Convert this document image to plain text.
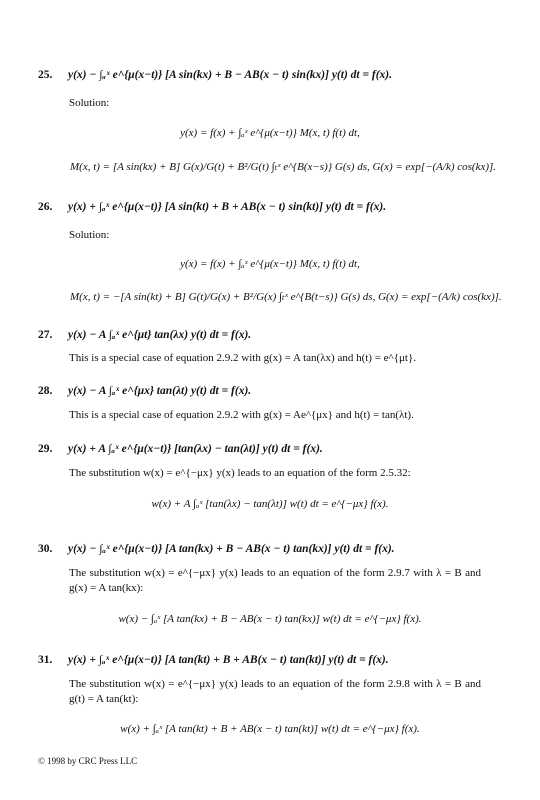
25. y(x) − ∫ₐˣ e^{μ(x−t)} [A sin(kx) + B − AB(x − t) sin(kx)] y(t) dt = f(x).
Solution:
y(x) = f(x) + ∫ₐˣ e^{μ(x−t)} M(x, t) f(t) dt,
M(x, t) = [A sin(kx) + B] G(x)/G(t) + B²/G(t) ∫ₜˣ e^{B(x−s)} G(s) ds, G(x) = exp[−(A/k) cos(kx)].
26. y(x) + ∫ₐˣ e^{μ(x−t)} [A sin(kt) + B + AB(x − t) sin(kt)] y(t) dt = f(x).
Solution:
y(x) = f(x) + ∫ₐˣ e^{μ(x−t)} M(x, t) f(t) dt,
M(x, t) = −[A sin(kt) + B] G(t)/G(x) + B²/G(x) ∫ₜˣ e^{B(t−s)} G(s) ds, G(x) = exp[−(A/k) cos(kx)].
27. y(x) − A ∫ₐˣ e^{μt} tan(λx) y(t) dt = f(x).
This is a special case of equation 2.9.2 with g(x) = A tan(λx) and h(t) = e^{μt}.
28. y(x) − A ∫ₐˣ e^{μx} tan(λt) y(t) dt = f(x).
This is a special case of equation 2.9.2 with g(x) = Ae^{μx} and h(t) = tan(λt).
29. y(x) + A ∫ₐˣ e^{μ(x−t)} [tan(λx) − tan(λt)] y(t) dt = f(x).
The substitution w(x) = e^{−μx} y(x) leads to an equation of the form 2.5.32:
w(x) + A ∫ₐˣ [tan(λx) − tan(λt)] w(t) dt = e^{−μx} f(x).
30. y(x) − ∫ₐˣ e^{μ(x−t)} [A tan(kx) + B − AB(x − t) tan(kx)] y(t) dt = f(x).
The substitution w(x) = e^{−μx} y(x) leads to an equation of the form 2.9.7 with λ = B and g(x) = A tan(kx):
w(x) − ∫ₐˣ [A tan(kx) + B − AB(x − t) tan(kx)] w(t) dt = e^{−μx} f(x).
31. y(x) + ∫ₐˣ e^{μ(x−t)} [A tan(kt) + B + AB(x − t) tan(kt)] y(t) dt = f(x).
The substitution w(x) = e^{−μx} y(x) leads to an equation of the form 2.9.8 with λ = B and g(t) = A tan(kt):
w(x) + ∫ₐˣ [A tan(kt) + B + AB(x − t) tan(kt)] w(t) dt = e^{−μx} f(x).
© 1998 by CRC Press LLC
